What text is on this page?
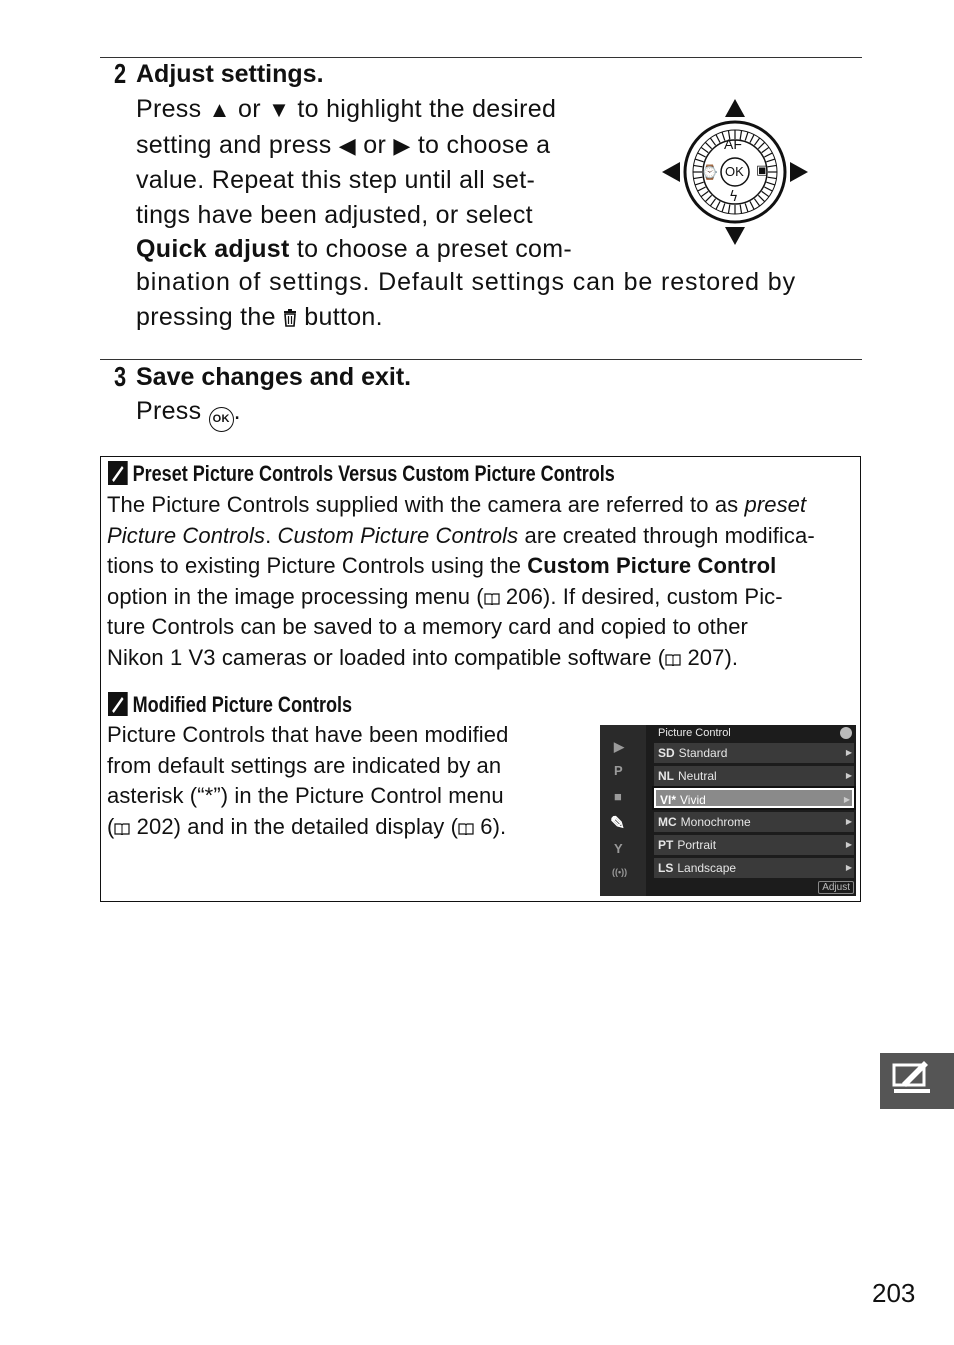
2 Adjust settings.
Press ▲ or ▼ to highlight the desired
setting and press ◀ or ▶ to choose a
value. Repeat this step until all set-
tings have been adjusted, or select
Quick adjust to choose a preset com-
bination of settings. Default settings can be restored by
pressing the button.
AF
OK
⌚	▣
ϟ
3 Save changes and exit.
Press OK .
Preset Picture Controls Versus Custom Picture Controls
The Picture Controls supplied with the camera are referred to as preset
Picture Controls. Custom Picture Controls are created through modifica-
tions to existing Picture Controls using the Custom Picture Control
option in the image processing menu ( 206). If desired, custom Pic-
ture Controls can be saved to a memory card and copied to other
Nikon 1 V3 cameras or loaded into compatible software ( 207).
Modified Picture Controls
Picture Controls that have been modified
from default settings are indicated by an
asterisk (“*”) in the Picture Control menu
( 202) and in the detailed display ( 6).
▶
P
■
✎
Y
((•))
Picture Control
SD Standard	▶
NL Neutral	▶
VI* Vivid	▶
MC Monochrome	▶
PT Portrait	▶
LS Landscape	▶
Adjust
203
